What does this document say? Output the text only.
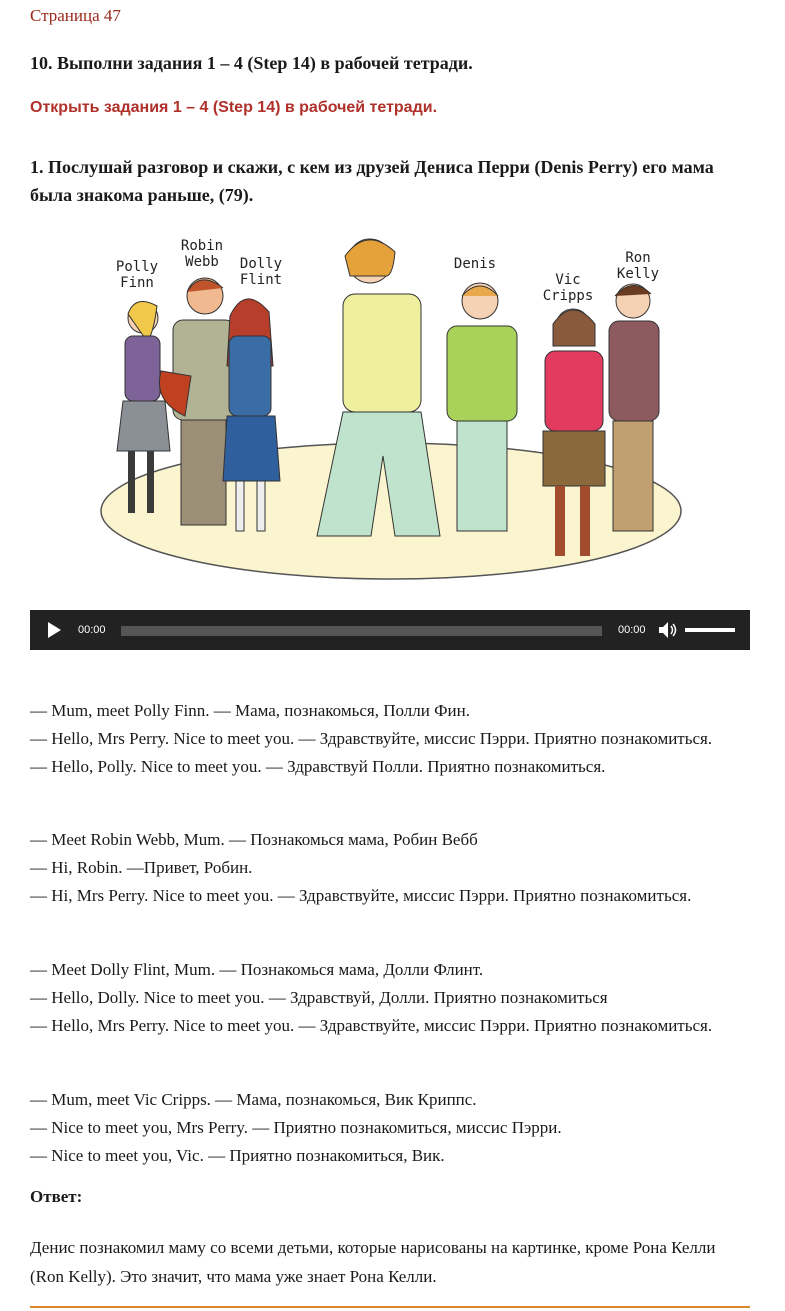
Страница 47
10. Выполни задания 1 – 4 (Step 14) в рабочей тетради.
Открыть задания 1 – 4 (Step 14) в рабочей тетради.
1. Послушай разговор и скажи, с кем из друзей Дениса Перри (Denis Perry) его мама была знакома раньше, (79).
Polly Finn
Robin Webb	Dolly Flint
Denis
Vic Cripps
Ron Kelly
00:00	00:00

— Mum, meet Polly Finn. — Мама, познакомься, Полли Фин.

— Hello, Mrs Perry. Nice to meet you. — Здравствуйте, миссис Пэрри. Приятно познакомиться.

— Hello, Polly. Nice to meet you. — Здравствуй Полли. Приятно познакомиться.

— Meet Robin Webb, Mum. — Познакомься мама, Робин Вебб

— Hi, Robin. —Привет, Робин.

— Hi, Mrs Perry. Nice to meet you. — Здравствуйте, миссис Пэрри. Приятно познакомиться.

— Meet Dolly Flint, Mum. — Познакомься мама, Долли Флинт.

— Hello, Dolly. Nice to meet you. — Здравствуй, Долли. Приятно познакомиться

— Hello, Mrs Perry. Nice to meet you. — Здравствуйте, миссис Пэрри. Приятно познакомиться.

— Mum, meet Vic Cripps. — Мама, познакомься, Вик Криппс.

— Nice to meet you, Mrs Perry. — Приятно познакомиться, миссис Пэрри.

— Nice to meet you, Vic. — Приятно познакомиться, Вик.

Ответ:
Денис познакомил маму со всеми детьми, которые нарисованы на картинке, кроме Рона Келли (Ron Kelly). Это значит, что мама уже знает Рона Келли.
